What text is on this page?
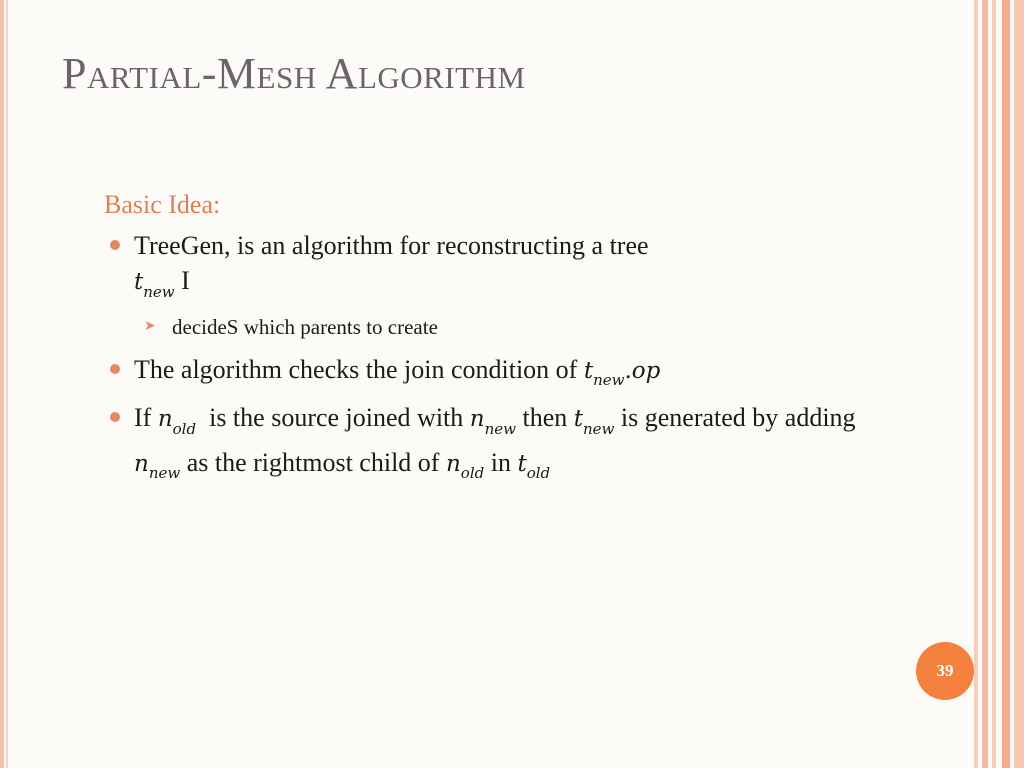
Partial-Mesh Algorithm
Basic Idea:
TreeGen, is an algorithm for reconstructing a tree
$t_{new}$ I
➤ decideS which parents to create
The algorithm checks the join condition of $t_{new}.op$
If $n_{old}$  is the source joined with $n_{new}$ then $t_{new}$ is generated by adding $n_{new}$ as the rightmost child of $n_{old}$ in $t_{old}$
39
